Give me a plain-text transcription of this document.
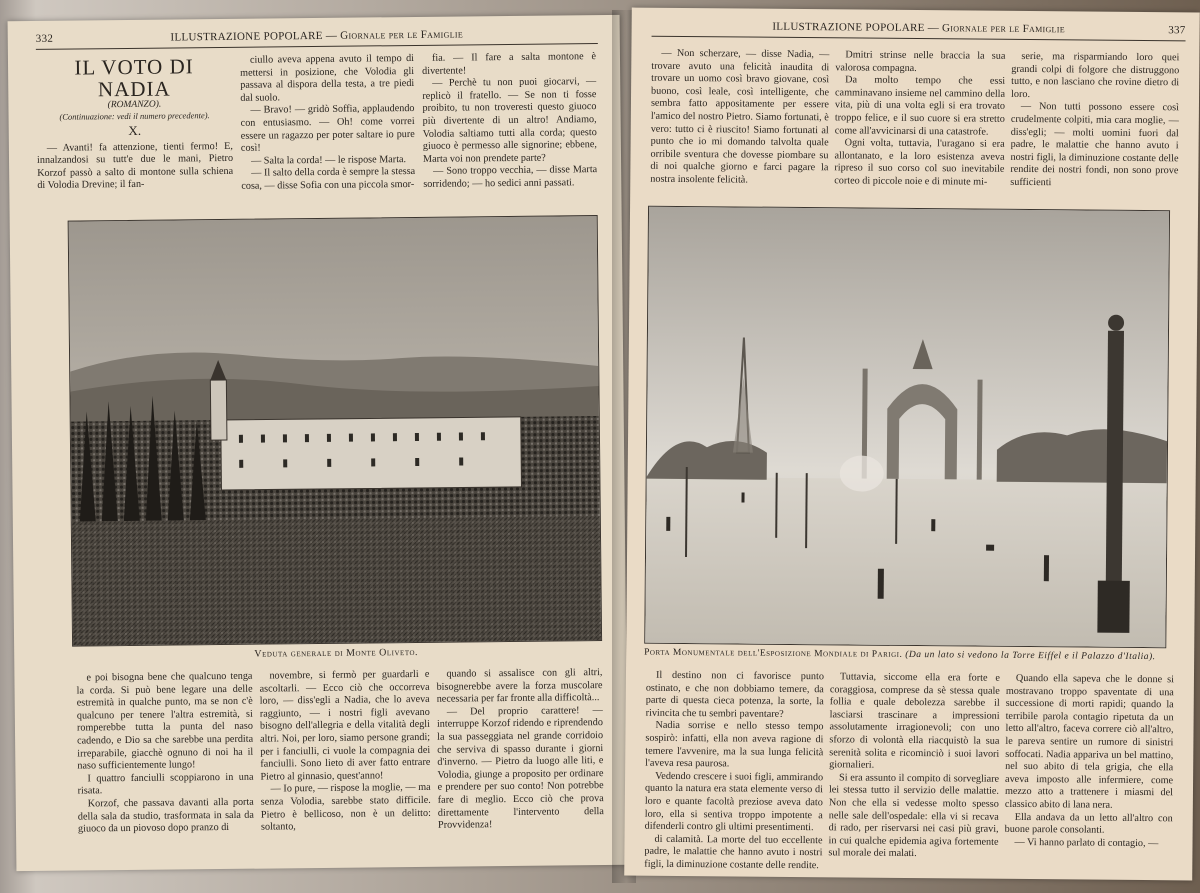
332	ILLUSTRAZIONE POPOLARE — Giornale per le Famiglie
IL VOTO DI NADIA
(ROMANZO).
(Continuazione: vedi il numero precedente).
X.

— Avanti! fa attenzione, tienti fermo! E, innalzandosi su tutt'e due le mani, Pietro Korzof passò a salto di montone sulla schiena di Volodia Drevine; il fan-

ciullo aveva appena avuto il tempo di mettersi in posizione, che Volodia gli passava al dispora della testa, a tre piedi dal suolo.

— Bravo! — gridò Soffia, applaudendo con entusiasmo. — Oh! come vorrei essere un ragazzo per poter saltare io pure così!

— Salta la corda! — le rispose Marta.

— Il salto della corda è sempre la stessa cosa, — disse Sofia con una piccola smor-

fia. — Il fare a salta montone è divertente!

— Perchè tu non puoi giocarvi, — replicò il fratello. — Se non ti fosse proibito, tu non troveresti questo giuoco più divertente di un altro! Andiamo, Volodia saltiamo tutti alla corda; questo giuoco è permesso alle signorine; ebbene, Marta voi non prendete parte?

— Sono troppo vecchia, — disse Marta sorridendo; — ho sedici anni passati.

Veduta generale di Monte Oliveto.

e poi bisogna bene che qualcuno tenga la corda. Si può bene legare una delle estremità in qualche punto, ma se non c'è qualcuno per tenere l'altra estremità, si romperebbe tutta la punta del naso cadendo, e Dio sa che sarebbe una perdita irreparabile, giacchè ognuno di noi ha il naso sufficientemente lungo!

I quattro fanciulli scoppiarono in una risata.

Korzof, che passava davanti alla porta della sala da studio, trasformata in sala da giuoco da un piovoso dopo pranzo di

novembre, si fermò per guardarli e ascoltarli. — Ecco ciò che occorreva loro, — diss'egli a Nadia, che lo aveva raggiunto, — i nostri figli avevano bisogno dell'allegria e della vitalità degli altri. Noi, per loro, siamo persone grandi; per i fanciulli, ci vuole la compagnia dei fanciulli. Sono lieto di aver fatto entrare Pietro al ginnasio, quest'anno!

— Io pure, — rispose la moglie, — ma senza Volodia, sarebbe stato difficile. Pietro è bellicoso, non è un delitto: soltanto,

quando si assalisce con gli altri, bisognerebbe avere la forza muscolare necessaria per far fronte alla difficoltà...

— Del proprio carattere! — interruppe Korzof ridendo e riprendendo la sua passeggiata nel grande corridoio che serviva di spasso durante i giorni d'inverno. — Pietro da luogo alle liti, e Volodia, giunge a proposito per ordinare e prendere per suo conto! Non potrebbe fare di meglio. Ecco ciò che prova direttamente l'intervento della Provvidenza!

ILLUSTRAZIONE POPOLARE — Giornale per le Famiglie	337

— Non scherzare, — disse Nadia, — trovare avuto una felicità inaudita di trovare un uomo così bravo giovane, così buono, così leale, così intelligente, che sembra fatto appositamente per essere l'amico del nostro Pietro. Siamo fortunati, è vero: tutto ci è riuscito! Siamo fortunati al punto che io mi domando talvolta quale orribile sventura che dovesse piombare su di noi qualche giorno e farci pagare la nostra insolente felicità.

Dmitri strinse nelle braccia la sua valorosa compagna.

Da molto tempo che essi camminavano insieme nel cammino della vita, più di una volta egli si era trovato troppo felice, e il suo cuore si era stretto come all'avvicinarsi di una catastrofe.

Ogni volta, tuttavia, l'uragano si era allontanato, e la loro esistenza aveva ripreso il suo corso col suo inevitabile corteo di piccole noie e di minute mi-

serie, ma risparmiando loro quei grandi colpi di folgore che distruggono tutto, e non lasciano che rovine dietro di loro.

— Non tutti possono essere così crudelmente colpiti, mia cara moglie, — diss'egli; — molti uomini fuori dal padre, le malattie che hanno avuto i nostri figli, la diminuzione costante delle rendite dei nostri fondi, non sono prove sufficienti

Porta Monumentale dell'Esposizione Mondiale di Parigi. (Da un lato si vedono la Torre Eiffel e il Palazzo d'Italia).

Il destino non ci favorisce punto ostinato, e che non dobbiamo temere, da parte di questa cieca potenza, la sorte, la rivincita che tu sembri paventare?

Nadia sorrise e nello stesso tempo sospirò: infatti, ella non aveva ragione di temere l'avvenire, ma la sua lunga felicità l'aveva resa paurosa.

Vedendo crescere i suoi figli, ammirando quanto la natura era stata elemente verso di loro e quante facoltà preziose aveva dato loro, ella si sentiva troppo impotente a difenderli contro gli ultimi presentimenti.

di calamità. La morte del tuo eccellente padre, le malattie che hanno avuto i nostri figli, la diminuzione costante delle rendite.

Tuttavia, siccome ella era forte e coraggiosa, comprese da sè stessa quale follia e quale debolezza sarebbe il lasciarsi trascinare a impressioni assolutamente irragionevoli; con uno sforzo di volontà ella riacquistò la sua serenità solita e ricominciò i suoi lavori giornalieri.

Si era assunto il compito di sorvegliare lei stessa tutto il servizio delle malattie. Non che ella si vedesse molto spesso nelle sale dell'ospedale: ella vi si recava di rado, per riservarsi nei casi più gravi, in cui qualche epidemia agiva fortemente sul morale dei malati.

Quando ella sapeva che le donne si mostravano troppo spaventate di una successione di morti rapidi; quando la terribile parola contagio ripetuta da un letto all'altro, faceva correre ciò all'altro, le pareva sentire un rumore di sinistri soffocati. Nadia appariva un bel mattino, nel suo abito di tela grigia, che ella aveva imposto alle infermiere, come mezzo atto a trattenere i miasmi del classico abito di lana nera.

Ella andava da un letto all'altro con buone parole consolanti.

— Vi hanno parlato di contagio, —
